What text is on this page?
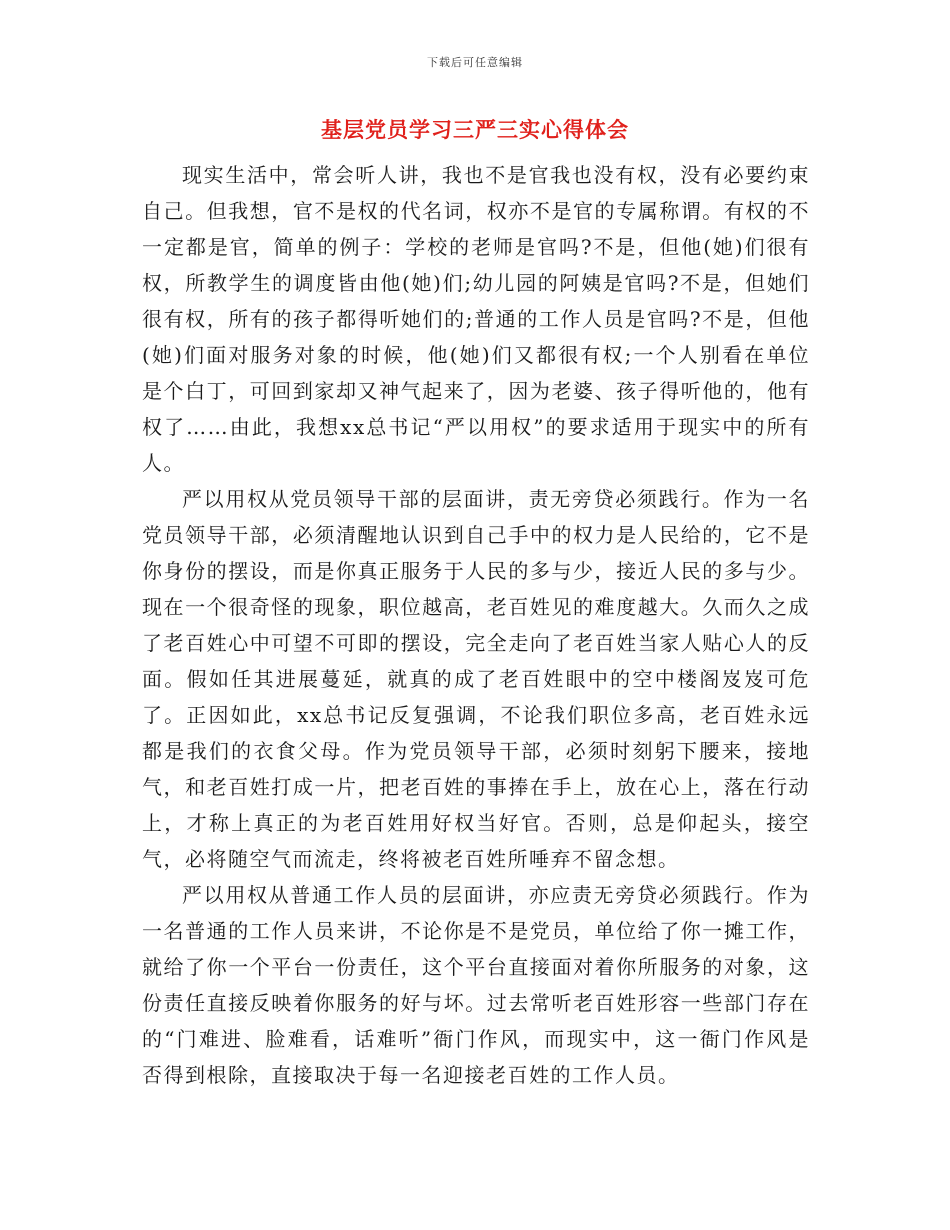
下载后可任意编辑
基层党员学习三严三实心得体会

现实生活中，常会听人讲，我也不是官我也没有权，没有必要约束自己。但我想，官不是权的代名词，权亦不是官的专属称谓。有权的不一定都是官，简单的例子：学校的老师是官吗?不是，但他(她)们很有权，所教学生的调度皆由他(她)们;幼儿园的阿姨是官吗?不是，但她们很有权，所有的孩子都得听她们的;普通的工作人员是官吗?不是，但他(她)们面对服务对象的时候，他(她)们又都很有权;一个人别看在单位是个白丁，可回到家却又神气起来了，因为老婆、孩子得听他的，他有权了……由此，我想xx总书记“严以用权”的要求适用于现实中的所有人。

严以用权从党员领导干部的层面讲，责无旁贷必须践行。作为一名党员领导干部，必须清醒地认识到自己手中的权力是人民给的，它不是你身份的摆设，而是你真正服务于人民的多与少，接近人民的多与少。现在一个很奇怪的现象，职位越高，老百姓见的难度越大。久而久之成了老百姓心中可望不可即的摆设，完全走向了老百姓当家人贴心人的反面。假如任其进展蔓延，就真的成了老百姓眼中的空中楼阁岌岌可危了。正因如此，xx总书记反复强调，不论我们职位多高，老百姓永远都是我们的衣食父母。作为党员领导干部，必须时刻躬下腰来，接地气，和老百姓打成一片，把老百姓的事捧在手上，放在心上，落在行动上，才称上真正的为老百姓用好权当好官。否则，总是仰起头，接空气，必将随空气而流走，终将被老百姓所唾弃不留念想。

严以用权从普通工作人员的层面讲，亦应责无旁贷必须践行。作为一名普通的工作人员来讲，不论你是不是党员，单位给了你一摊工作，就给了你一个平台一份责任，这个平台直接面对着你所服务的对象，这份责任直接反映着你服务的好与坏。过去常听老百姓形容一些部门存在的“门难进、脸难看，话难听”衙门作风，而现实中，这一衙门作风是否得到根除，直接取决于每一名迎接老百姓的工作人员。
